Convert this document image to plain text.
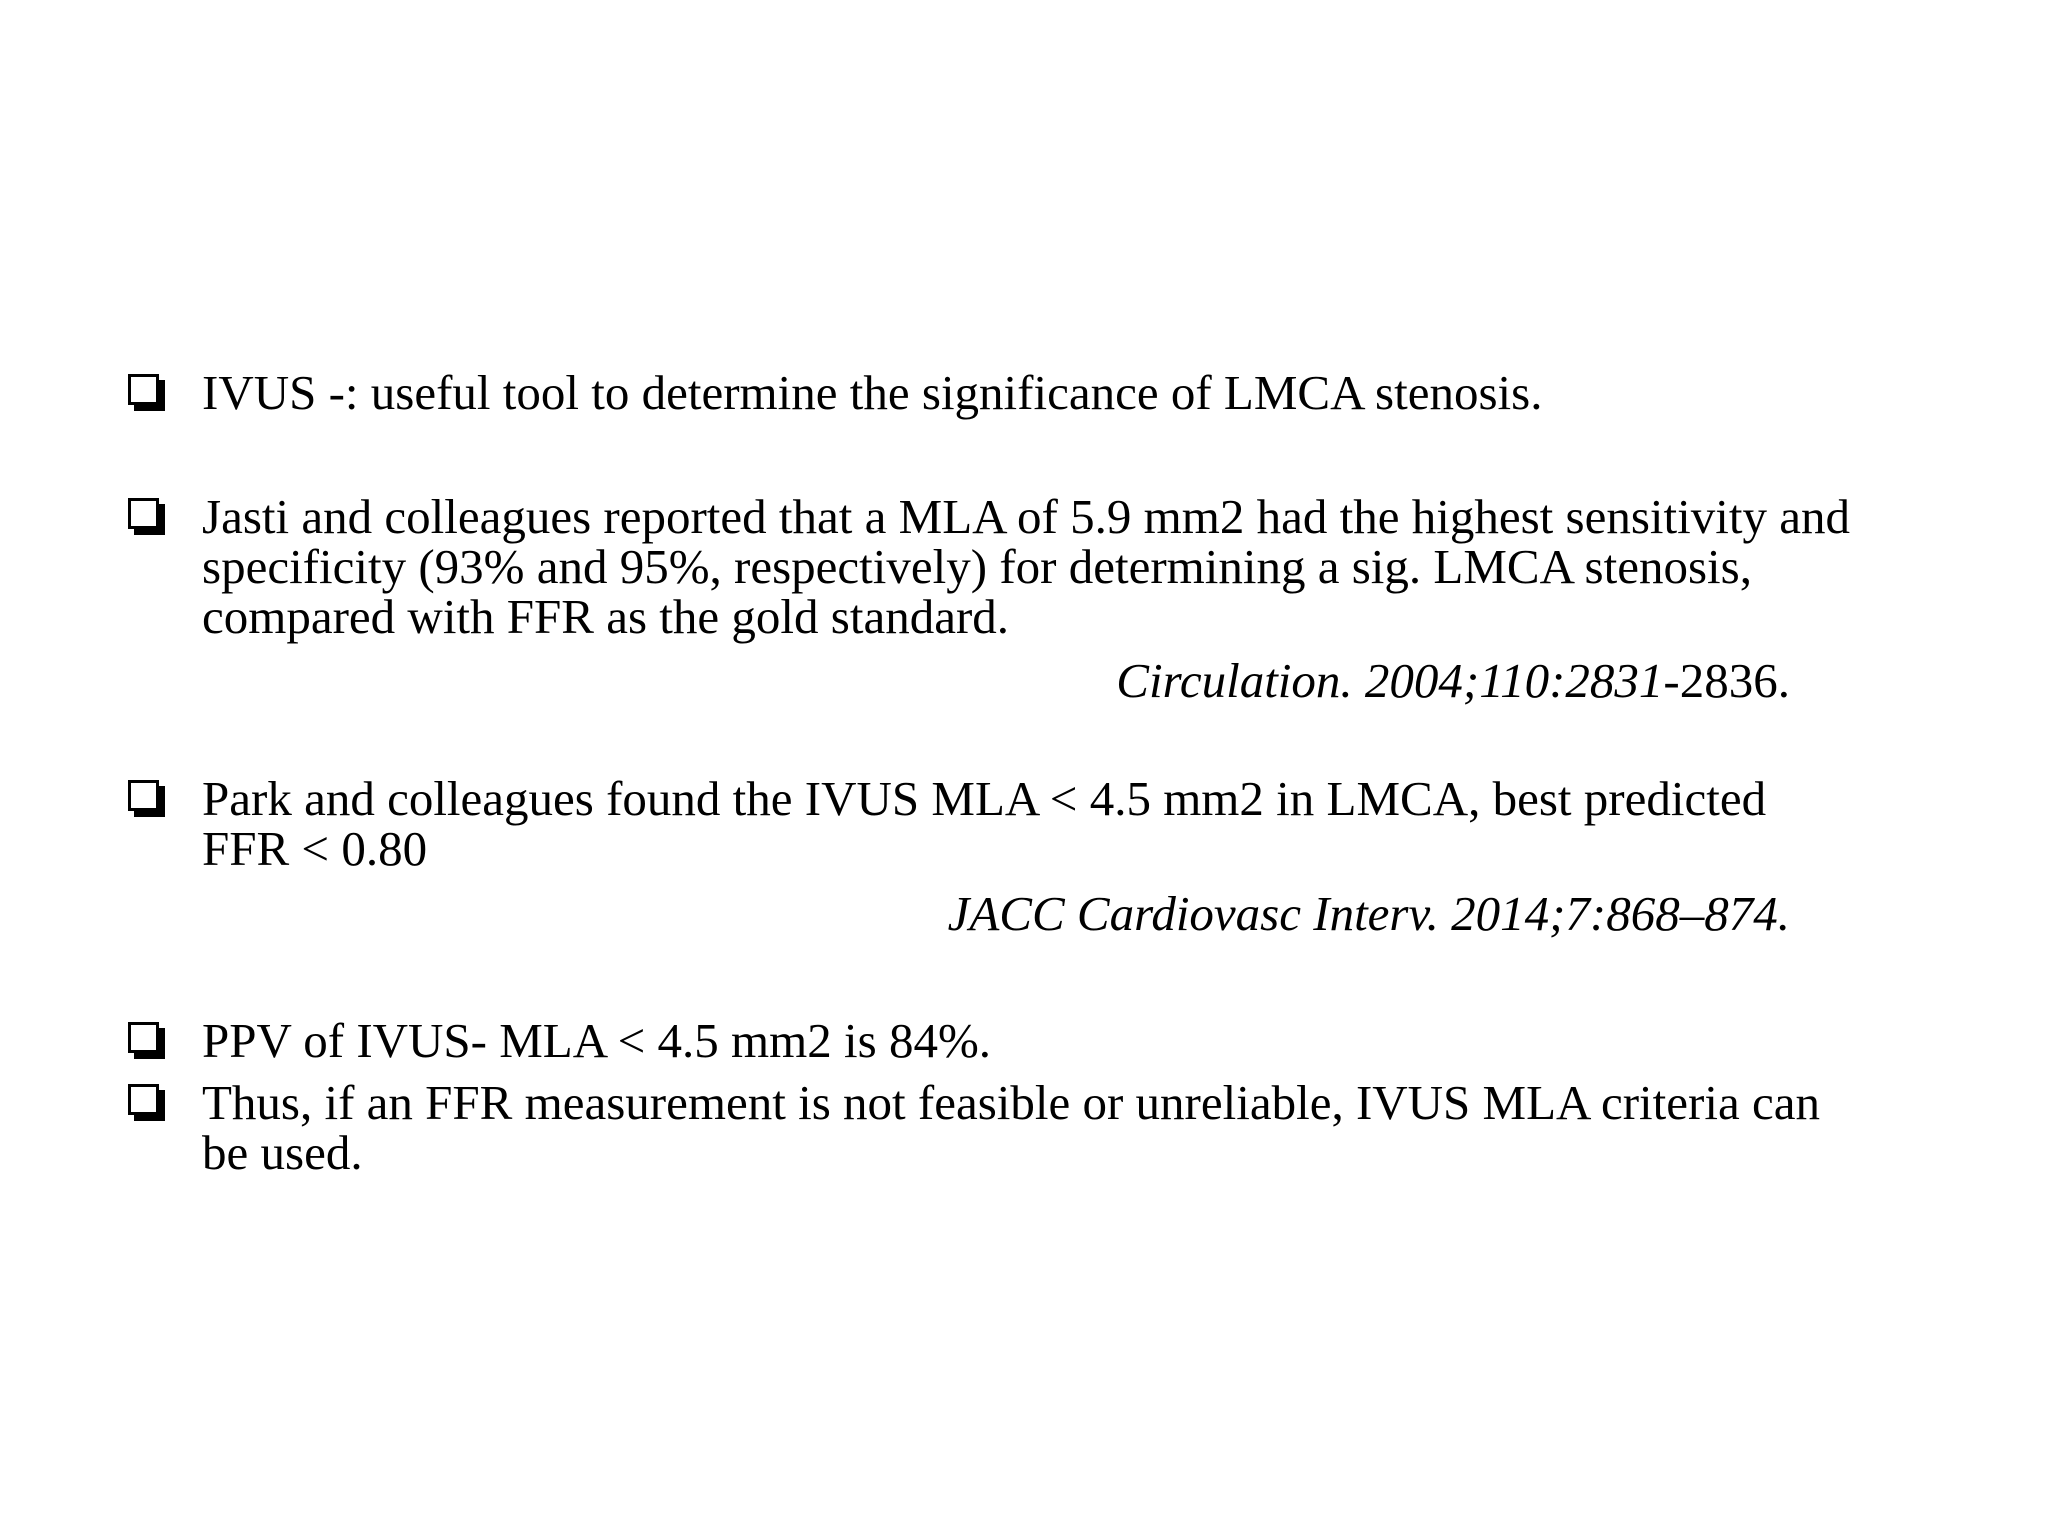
IVUS -: useful tool to determine the significance of LMCA stenosis.
Jasti and colleagues reported that a MLA of 5.9 mm2 had the highest sensitivity and
specificity (93% and 95%, respectively) for determining a sig. LMCA stenosis,
compared with FFR as the gold standard.
Circulation. 2004;110:2831-2836.
Park and colleagues found the IVUS MLA < 4.5 mm2 in LMCA, best predicted
FFR < 0.80
JACC Cardiovasc Interv. 2014;7:868–874.
PPV of IVUS- MLA < 4.5 mm2 is 84%.
Thus, if an FFR measurement is not feasible or unreliable, IVUS MLA criteria can
be used.
